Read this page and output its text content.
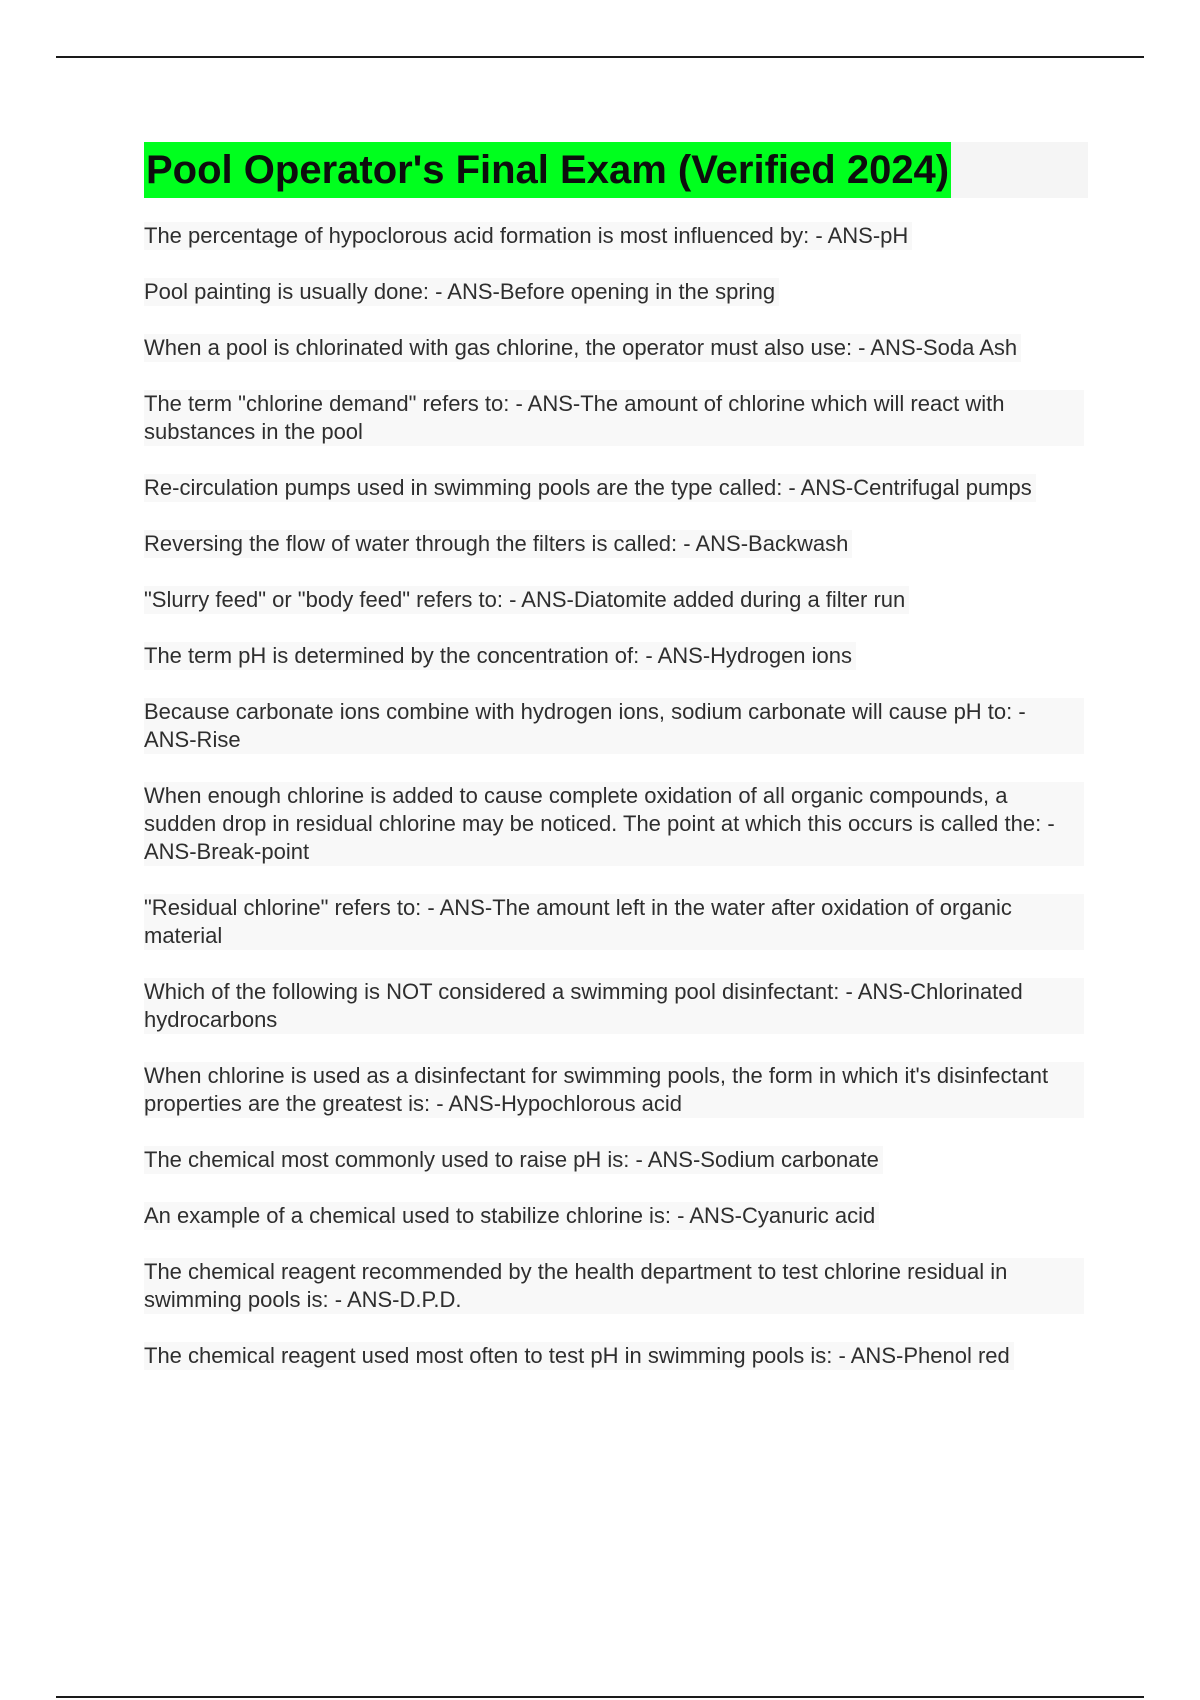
Pool Operator's Final Exam (Verified 2024)
The percentage of hypoclorous acid formation is most influenced by: - ANS-pH
Pool painting is usually done: - ANS-Before opening in the spring
When a pool is chlorinated with gas chlorine, the operator must also use: - ANS-Soda Ash
The term "chlorine demand" refers to: - ANS-The amount of chlorine which will react with substances in the pool
Re-circulation pumps used in swimming pools are the type called: - ANS-Centrifugal pumps
Reversing the flow of water through the filters is called: - ANS-Backwash
"Slurry feed" or "body feed" refers to: - ANS-Diatomite added during a filter run
The term pH is determined by the concentration of: - ANS-Hydrogen ions
Because carbonate ions combine with hydrogen ions, sodium carbonate will cause pH to: - ANS-Rise
When enough chlorine is added to cause complete oxidation of all organic compounds, a sudden drop in residual chlorine may be noticed. The point at which this occurs is called the: - ANS-Break-point
"Residual chlorine" refers to: - ANS-The amount left in the water after oxidation of organic material
Which of the following is NOT considered a swimming pool disinfectant: - ANS-Chlorinated hydrocarbons
When chlorine is used as a disinfectant for swimming pools, the form in which it's disinfectant properties are the greatest is: - ANS-Hypochlorous acid
The chemical most commonly used to raise pH is: - ANS-Sodium carbonate
An example of a chemical used to stabilize chlorine is: - ANS-Cyanuric acid
The chemical reagent recommended by the health department to test chlorine residual in swimming pools is: - ANS-D.P.D.
The chemical reagent used most often to test pH in swimming pools is: - ANS-Phenol red
